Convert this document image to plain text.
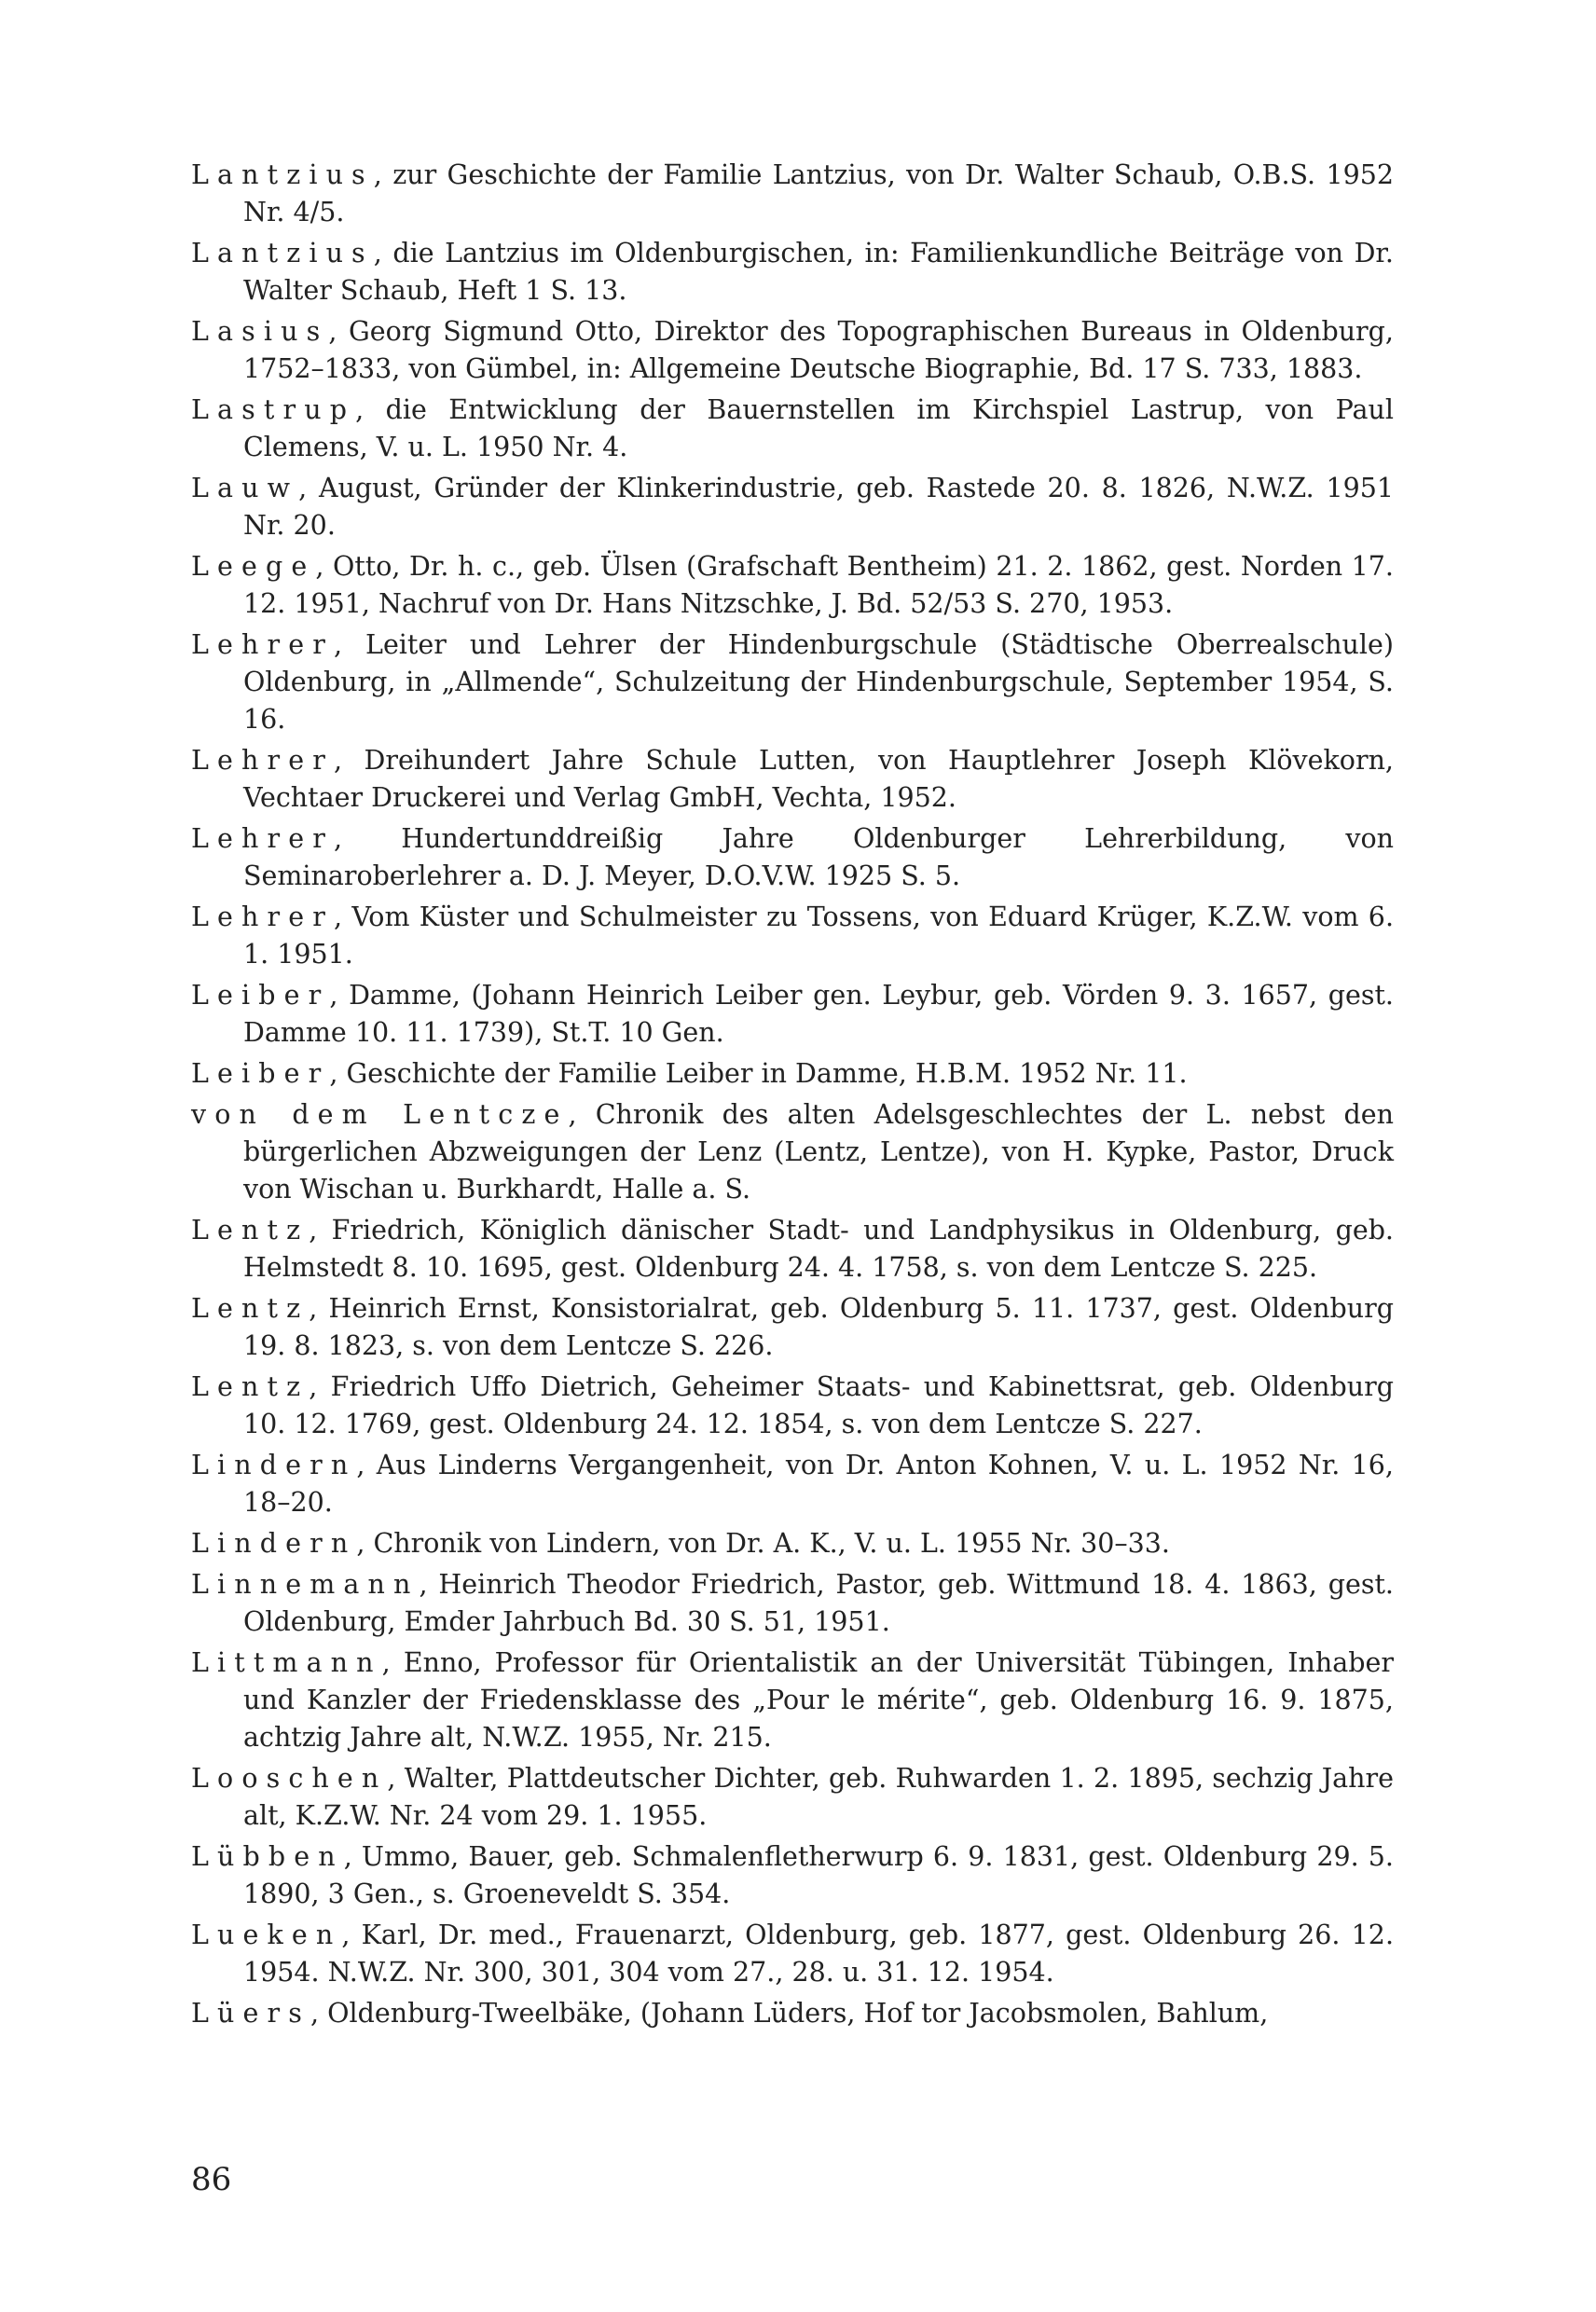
Lantzius, zur Geschichte der Familie Lantzius, von Dr. Walter Schaub, O.B.S. 1952 Nr. 4/5.

Lantzius, die Lantzius im Oldenburgischen, in: Familienkundliche Beiträge von Dr. Walter Schaub, Heft 1 S. 13.

Lasius, Georg Sigmund Otto, Direktor des Topographischen Bureaus in Oldenburg, 1752–1833, von Gümbel, in: Allgemeine Deutsche Biographie, Bd. 17 S. 733, 1883.

Lastrup, die Entwicklung der Bauernstellen im Kirchspiel Lastrup, von Paul Clemens, V. u. L. 1950 Nr. 4.

Lauw, August, Gründer der Klinkerindustrie, geb. Rastede 20. 8. 1826, N.W.Z. 1951 Nr. 20.

Leege, Otto, Dr. h. c., geb. Ülsen (Grafschaft Bentheim) 21. 2. 1862, gest. Norden 17. 12. 1951, Nachruf von Dr. Hans Nitzschke, J. Bd. 52/53 S. 270, 1953.

Lehrer, Leiter und Lehrer der Hindenburgschule (Städtische Oberrealschule) Oldenburg, in „Allmende“, Schulzeitung der Hindenburgschule, September 1954, S. 16.

Lehrer, Dreihundert Jahre Schule Lutten, von Hauptlehrer Joseph Klövekorn, Vechtaer Druckerei und Verlag GmbH, Vechta, 1952.

Lehrer, Hundertunddreißig Jahre Oldenburger Lehrerbildung, von Seminaroberlehrer a. D. J. Meyer, D.O.V.W. 1925 S. 5.

Lehrer, Vom Küster und Schulmeister zu Tossens, von Eduard Krüger, K.Z.W. vom 6. 1. 1951.

Leiber, Damme, (Johann Heinrich Leiber gen. Leybur, geb. Vörden 9. 3. 1657, gest. Damme 10. 11. 1739), St.T. 10 Gen.

Leiber, Geschichte der Familie Leiber in Damme, H.B.M. 1952 Nr. 11.

von dem Lentcze, Chronik des alten Adelsgeschlechtes der L. nebst den bürgerlichen Abzweigungen der Lenz (Lentz, Lentze), von H. Kypke, Pastor, Druck von Wischan u. Burkhardt, Halle a. S.

Lentz, Friedrich, Königlich dänischer Stadt- und Landphysikus in Oldenburg, geb. Helmstedt 8. 10. 1695, gest. Oldenburg 24. 4. 1758, s. von dem Lentcze S. 225.

Lentz, Heinrich Ernst, Konsistorialrat, geb. Oldenburg 5. 11. 1737, gest. Oldenburg 19. 8. 1823, s. von dem Lentcze S. 226.

Lentz, Friedrich Uffo Dietrich, Geheimer Staats- und Kabinettsrat, geb. Oldenburg 10. 12. 1769, gest. Oldenburg 24. 12. 1854, s. von dem Lentcze S. 227.

Lindern, Aus Linderns Vergangenheit, von Dr. Anton Kohnen, V. u. L. 1952 Nr. 16, 18–20.

Lindern, Chronik von Lindern, von Dr. A. K., V. u. L. 1955 Nr. 30–33.

Linnemann, Heinrich Theodor Friedrich, Pastor, geb. Wittmund 18. 4. 1863, gest. Oldenburg, Emder Jahrbuch Bd. 30 S. 51, 1951.

Littmann, Enno, Professor für Orientalistik an der Universität Tübingen, Inhaber und Kanzler der Friedensklasse des „Pour le mérite“, geb. Oldenburg 16. 9. 1875, achtzig Jahre alt, N.W.Z. 1955, Nr. 215.

Looschen, Walter, Plattdeutscher Dichter, geb. Ruhwarden 1. 2. 1895, sechzig Jahre alt, K.Z.W. Nr. 24 vom 29. 1. 1955.

Lübben, Ummo, Bauer, geb. Schmalenfletherwurp 6. 9. 1831, gest. Oldenburg 29. 5. 1890, 3 Gen., s. Groeneveldt S. 354.

Lueken, Karl, Dr. med., Frauenarzt, Oldenburg, geb. 1877, gest. Oldenburg 26. 12. 1954. N.W.Z. Nr. 300, 301, 304 vom 27., 28. u. 31. 12. 1954.

Lüers, Oldenburg-Tweelbäke, (Johann Lüders, Hof tor Jacobsmolen, Bahlum,

86
